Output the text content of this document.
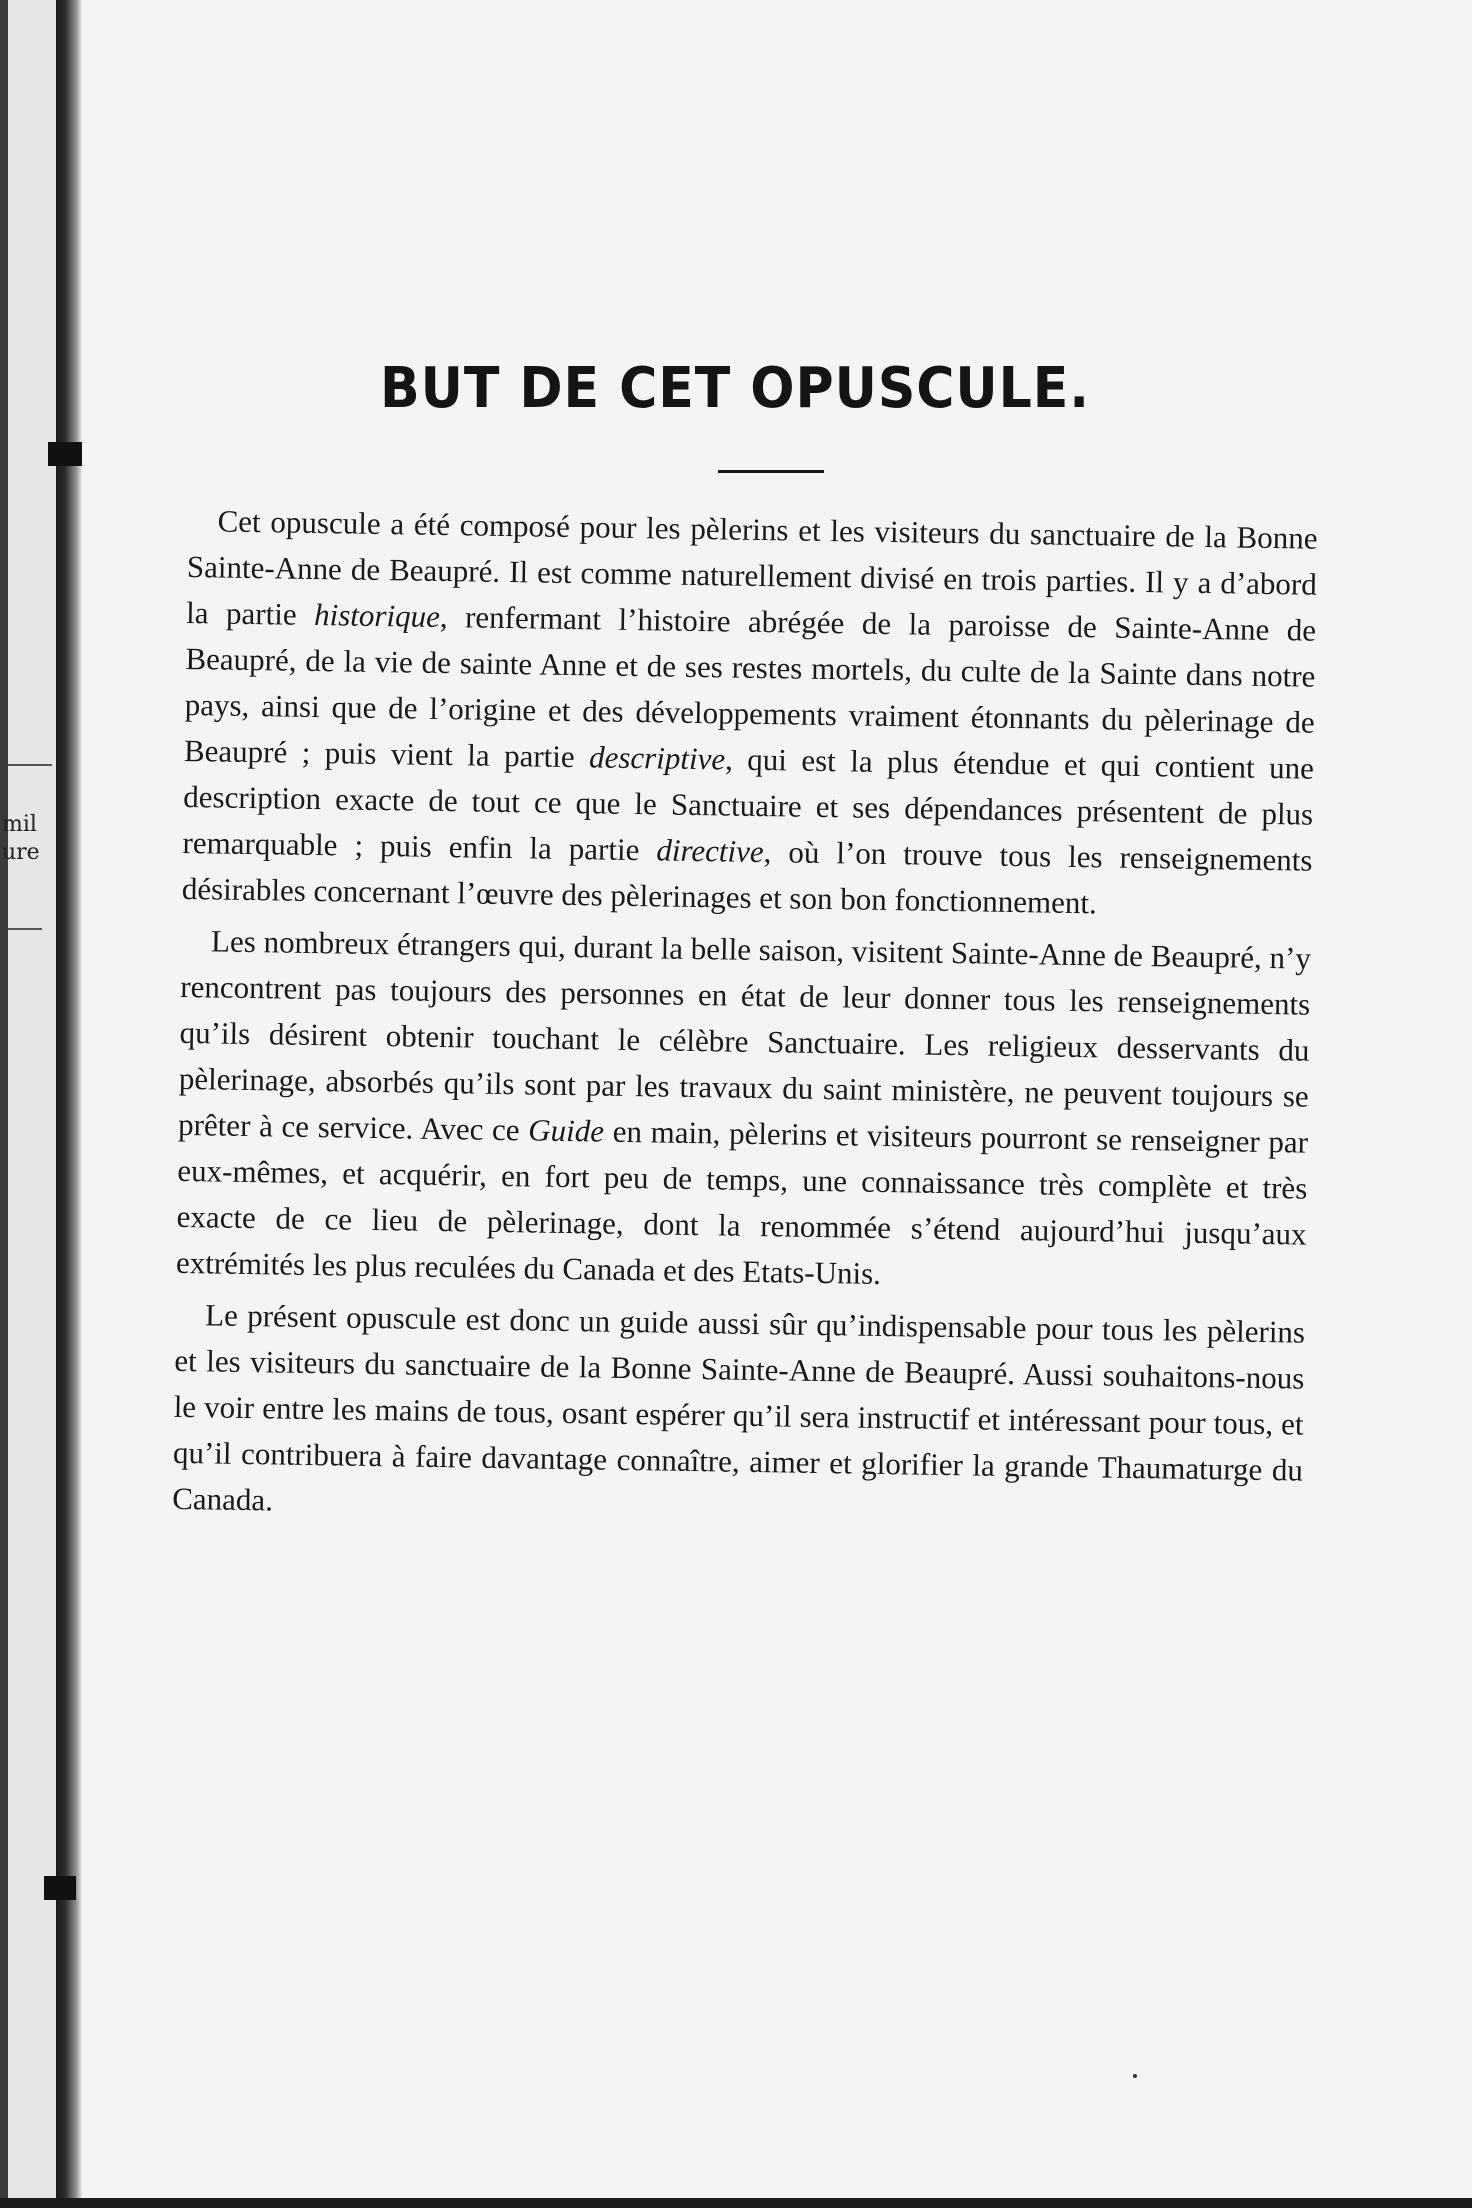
mil
ure
BUT DE CET OPUSCULE.

Cet opuscule a été composé pour les pèlerins et les visiteurs du sanctuaire de la Bonne Sainte-Anne de Beaupré. Il est comme naturellement divisé en trois parties. Il y a d’abord la partie historique, renfermant l’histoire abrégée de la paroisse de Sainte-Anne de Beaupré, de la vie de sainte Anne et de ses restes mortels, du culte de la Sainte dans notre pays, ainsi que de l’origine et des développements vraiment étonnants du pèlerinage de Beaupré ; puis vient la partie descriptive, qui est la plus étendue et qui contient une description exacte de tout ce que le Sanctuaire et ses dépendances présentent de plus remarquable ; puis enfin la partie directive, où l’on trouve tous les renseignements désirables concernant l’œuvre des pèlerinages et son bon fonctionnement.

Les nombreux étrangers qui, durant la belle saison, visitent Sainte-Anne de Beaupré, n’y rencontrent pas toujours des personnes en état de leur donner tous les renseignements qu’ils désirent obtenir touchant le célèbre Sanctuaire. Les religieux desservants du pèlerinage, absorbés qu’ils sont par les travaux du saint ministère, ne peuvent toujours se prêter à ce service. Avec ce Guide en main, pèlerins et visiteurs pourront se renseigner par eux-mêmes, et acquérir, en fort peu de temps, une connaissance très complète et très exacte de ce lieu de pèlerinage, dont la renommée s’étend aujourd’hui jusqu’aux extrémités les plus reculées du Canada et des Etats-Unis.

Le présent opuscule est donc un guide aussi sûr qu’indispensable pour tous les pèlerins et les visiteurs du sanctuaire de la Bonne Sainte-Anne de Beaupré. Aussi souhaitons-nous le voir entre les mains de tous, osant espérer qu’il sera instructif et intéressant pour tous, et qu’il contribuera à faire davantage connaître, aimer et glorifier la grande Thaumaturge du Canada.
